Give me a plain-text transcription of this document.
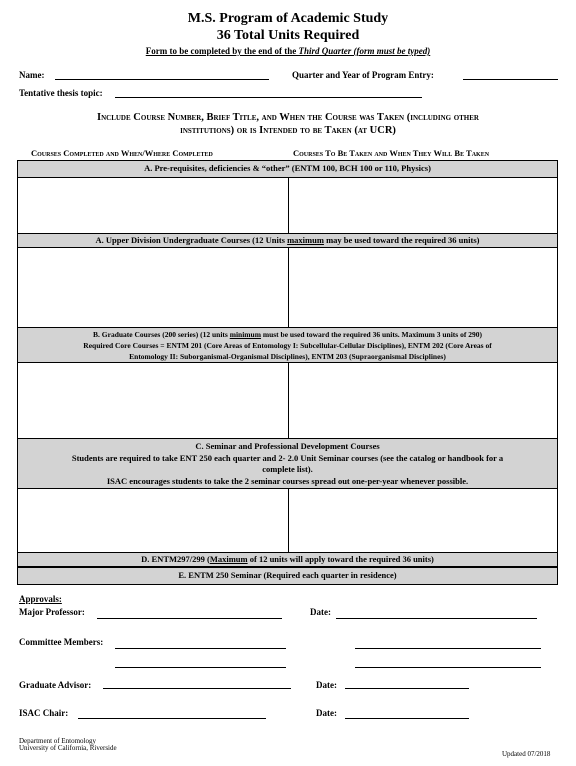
M.S. Program of Academic Study
36 Total Units Required
Form to be completed by the end of the Third Quarter (form must be typed)
Name:	Quarter and Year of Program Entry:
Tentative thesis topic:
Include Course Number, Brief Title, and When the Course was Taken (including other
institutions) or is Intended to be Taken (at UCR)
Courses Completed and When/Where Completed	Courses To Be Taken and When They Will Be Taken
A. Pre-requisites, deficiencies & “other” (ENTM 100, BCH 100 or 110, Physics)
A. Upper Division Undergraduate Courses (12 Units maximum may be used toward the required 36 units)
B. Graduate Courses (200 series) (12 units minimum must be used toward the required 36 units. Maximum 3 units of 290)
Required Core Courses = ENTM 201 (Core Areas of Entomology I: Subcellular-Cellular Disciplines), ENTM 202 (Core Areas of
Entomology II: Suborganismal-Organismal Disciplines), ENTM 203 (Supraorganismal Disciplines)
C. Seminar and Professional Development Courses
Students are required to take ENT 250 each quarter and 2- 2.0 Unit Seminar courses (see the catalog or handbook for a
complete list).
ISAC encourages students to take the 2 seminar courses spread out one-per-year whenever possible.
D. ENTM297/299 (Maximum of 12 units will apply toward the required 36 units)
E. ENTM 250 Seminar (Required each quarter in residence)
Approvals:
Major Professor:	Date:
Committee Members:
Graduate Advisor:	Date:
ISAC Chair:	Date:
Department of Entomology
University of California, Riverside
Updated 07/2018
